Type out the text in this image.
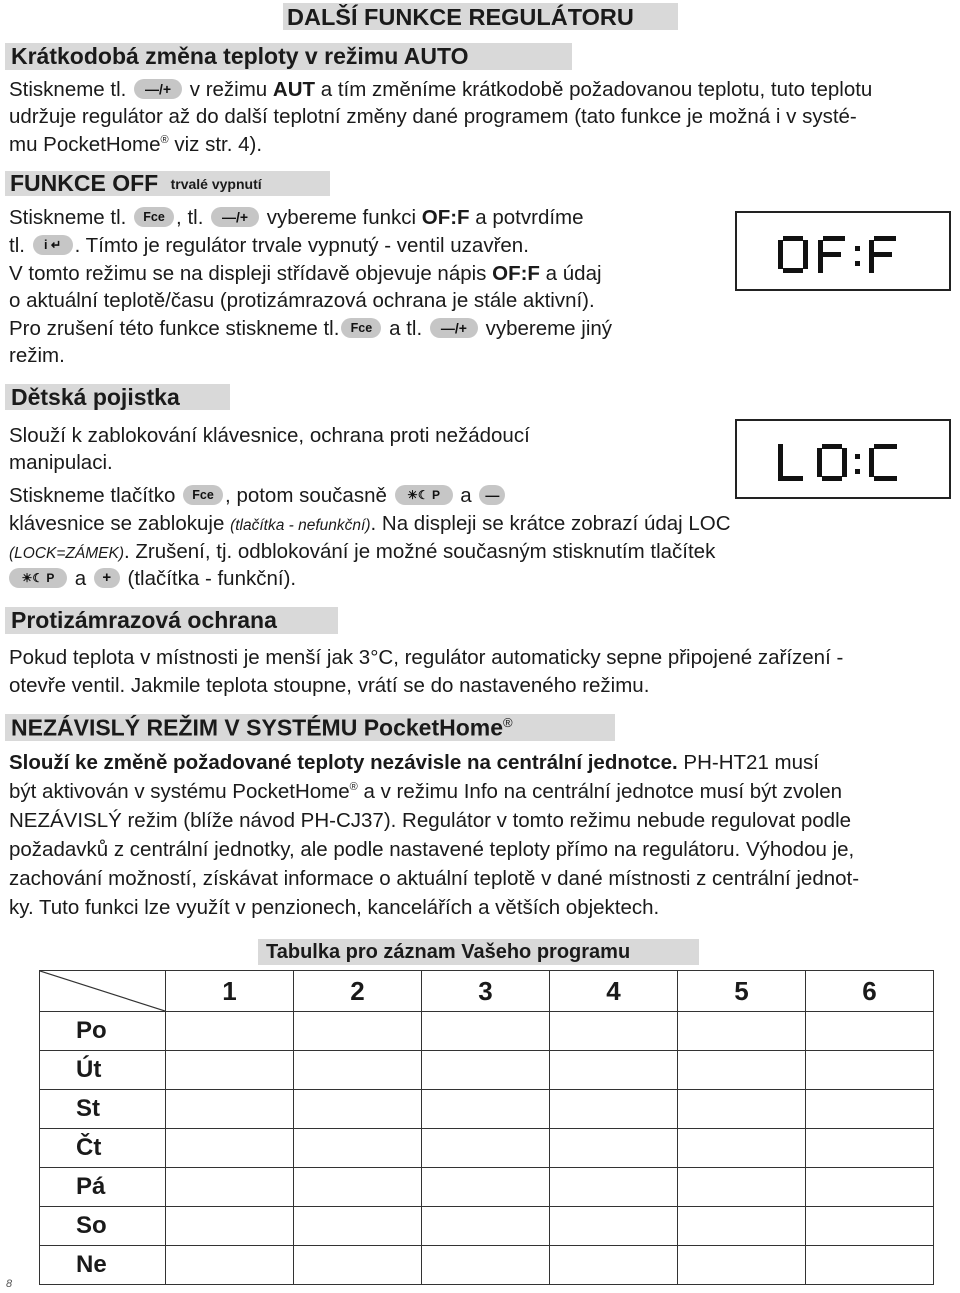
DALŠÍ FUNKCE REGULÁTORU
Krátkodobá změna teploty v režimu AUTO
Stiskneme tl. —/+ v režimu AUT a tím změníme krátkodobě požadovanou teplotu, tuto teplotu
udržuje regulátor až do další teplotní změny dané programem (tato funkce je možná i v systé-
mu PocketHome® viz str. 4).
FUNKCE OFF trvalé vypnutí
Stiskneme tl. Fce , tl. —/+ vybereme funkci OF:F a potvrdíme
tl. i ↵ . Tímto je regulátor trvale vypnutý - ventil uzavřen.
V tomto režimu se na displeji střídavě objevuje nápis OF:F a údaj
o aktuální teplotě/času (protizámrazová ochrana je stále aktivní).
Pro zrušení této funkce stiskneme tl. Fce a tl. —/+ vybereme jiný
režim.
Dětská pojistka
Slouží k zablokování klávesnice, ochrana proti nežádoucí
manipulaci.
Stiskneme tlačítko Fce , potom současně ☀☾ P a —
klávesnice se zablokuje (tlačítka - nefunkční). Na displeji se krátce zobrazí údaj LOC
(LOCK=ZÁMEK). Zrušení, tj. odblokování je možné současným stisknutím tlačítek
☀☾ P a + (tlačítka - funkční).
Protizámrazová ochrana
Pokud teplota v místnosti je menší jak 3°C, regulátor automaticky sepne připojené zařízení -
otevře ventil. Jakmile teplota stoupne, vrátí se do nastaveného režimu.
NEZÁVISLÝ REŽIM V SYSTÉMU PocketHome®
Slouží ke změně požadované teploty nezávisle na centrální jednotce. PH-HT21 musí
být aktivován v systému PocketHome® a v režimu Info na centrální jednotce musí být zvolen
NEZÁVISLÝ režim (blíže návod PH-CJ37). Regulátor v tomto režimu nebude regulovat podle
požadavků z centrální jednotky, ale podle nastavené teploty přímo na regulátoru. Výhodou je,
zachování možností, získávat informace o aktuální teplotě v dané místnosti z centrální jednot-
ky. Tuto funkci lze využít v penzionech, kancelářích a větších objektech.
Tabulka pro záznam Vašeho programu
	1	2	3	4	5	6
Po						
Út						
St						
Čt						
Pá						
So						
Ne						
8
